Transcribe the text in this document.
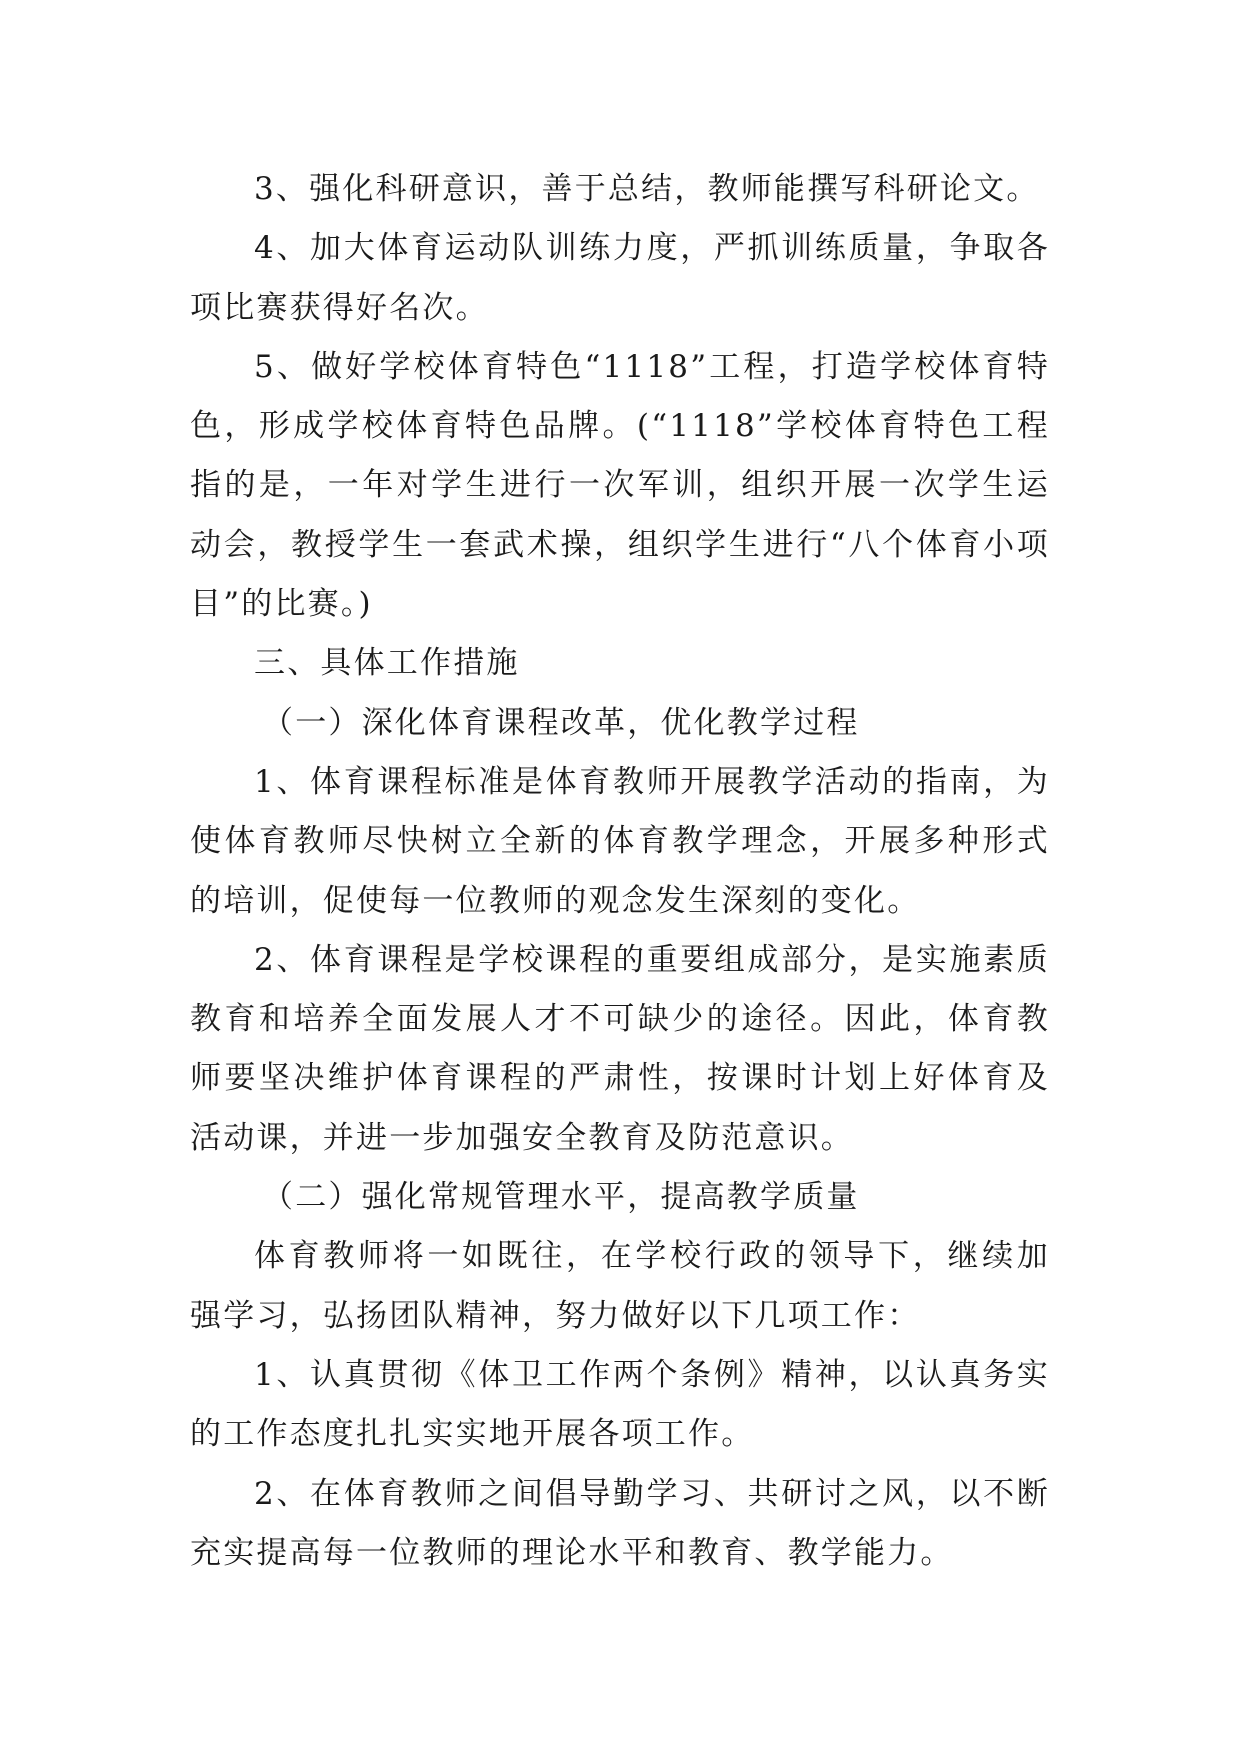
3、强化科研意识，善于总结，教师能撰写科研论文。

4、加大体育运动队训练力度，严抓训练质量，争取各项比赛获得好名次。

5、做好学校体育特色“1118”工程，打造学校体育特色，形成学校体育特色品牌。(“1118”学校体育特色工程指的是，一年对学生进行一次军训，组织开展一次学生运动会，教授学生一套武术操，组织学生进行“八个体育小项目”的比赛。)

三、具体工作措施

（一）深化体育课程改革，优化教学过程

1、体育课程标准是体育教师开展教学活动的指南，为使体育教师尽快树立全新的体育教学理念，开展多种形式的培训，促使每一位教师的观念发生深刻的变化。

2、体育课程是学校课程的重要组成部分，是实施素质教育和培养全面发展人才不可缺少的途径。因此，体育教师要坚决维护体育课程的严肃性，按课时计划上好体育及活动课，并进一步加强安全教育及防范意识。

（二）强化常规管理水平，提高教学质量

体育教师将一如既往，在学校行政的领导下，继续加强学习，弘扬团队精神，努力做好以下几项工作：

1、认真贯彻《体卫工作两个条例》精神，以认真务实的工作态度扎扎实实地开展各项工作。

2、在体育教师之间倡导勤学习、共研讨之风，以不断充实提高每一位教师的理论水平和教育、教学能力。
